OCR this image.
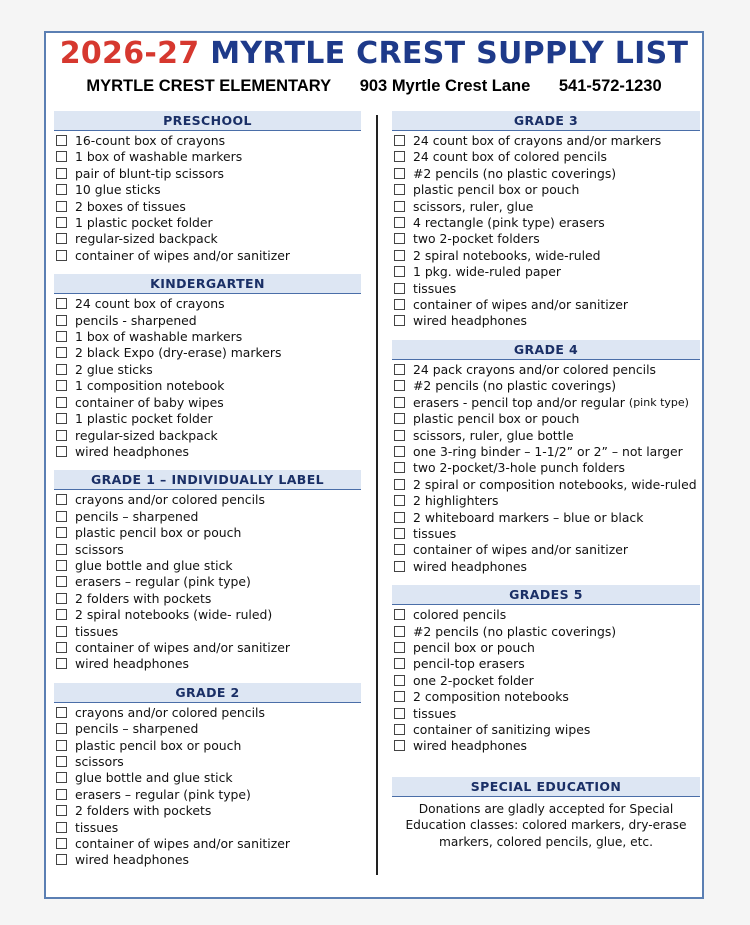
2026-27 MYRTLE CREST SUPPLY LIST
MYRTLE CREST ELEMENTARY 903 Myrtle Crest Lane 541-572-1230
PRESCHOOL
16-count box of crayons
1 box of washable markers
pair of blunt-tip scissors
10 glue sticks
2 boxes of tissues
1 plastic pocket folder
regular-sized backpack
container of wipes and/or sanitizer
KINDERGARTEN
24 count box of crayons
pencils - sharpened
1 box of washable markers
2 black Expo (dry-erase) markers
2 glue sticks
1 composition notebook
container of baby wipes
1 plastic pocket folder
regular-sized backpack
wired headphones
GRADE 1 – INDIVIDUALLY LABEL
crayons and/or colored pencils
pencils – sharpened
plastic pencil box or pouch
scissors
glue bottle and glue stick
erasers – regular (pink type)
2 folders with pockets
2 spiral notebooks (wide- ruled)
tissues
container of wipes and/or sanitizer
wired headphones
GRADE 2
crayons and/or colored pencils
pencils – sharpened
plastic pencil box or pouch
scissors
glue bottle and glue stick
erasers – regular (pink type)
2 folders with pockets
tissues
container of wipes and/or sanitizer
wired headphones
GRADE 3
24 count box of crayons and/or markers
24 count box of colored pencils
#2 pencils (no plastic coverings)
plastic pencil box or pouch
scissors, ruler, glue
4 rectangle (pink type) erasers
two 2-pocket folders
2 spiral notebooks, wide-ruled
1 pkg. wide-ruled paper
tissues
container of wipes and/or sanitizer
wired headphones
GRADE 4
24 pack crayons and/or colored pencils
#2 pencils (no plastic coverings)
erasers - pencil top and/or regular (pink type)
plastic pencil box or pouch
scissors, ruler, glue bottle
one 3-ring binder – 1-1/2” or 2” – not larger
two 2-pocket/3-hole punch folders
2 spiral or composition notebooks, wide-ruled
2 highlighters
2 whiteboard markers – blue or black
tissues
container of wipes and/or sanitizer
wired headphones
GRADES 5
colored pencils
#2 pencils (no plastic coverings)
pencil box or pouch
pencil-top erasers
one 2-pocket folder
2 composition notebooks
tissues
container of sanitizing wipes
wired headphones
SPECIAL EDUCATION
Donations are gladly accepted for Special Education classes: colored markers, dry-erase markers, colored pencils, glue, etc.
